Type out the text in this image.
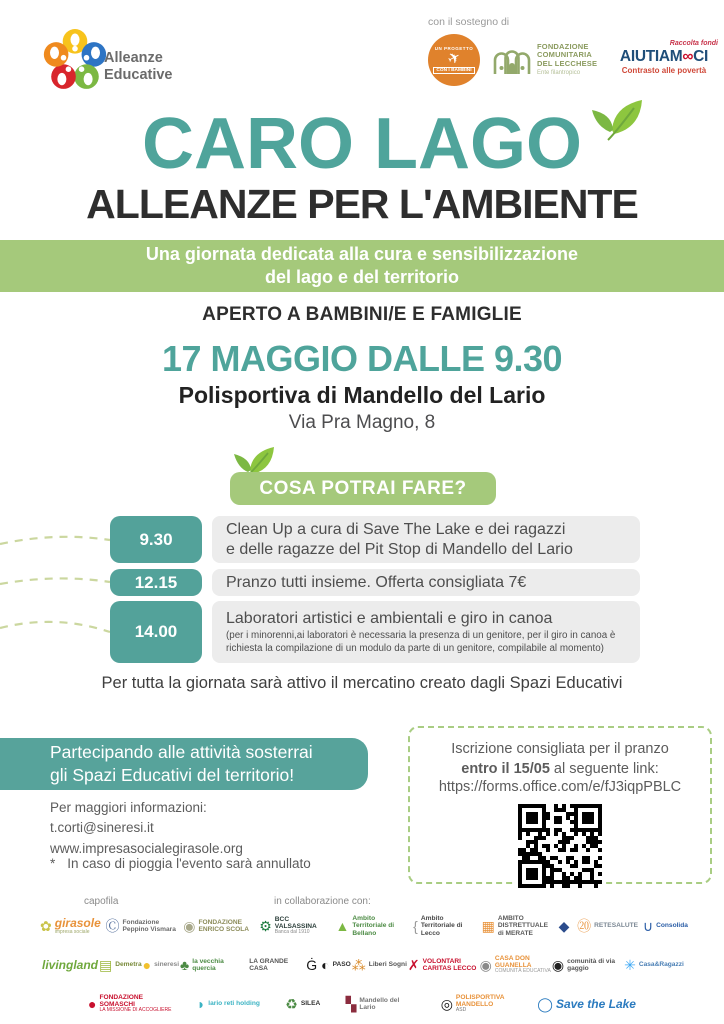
Alleanze
Educative
con il sostegno di
UN PROGETTO
✈
CON I BAMBINI
FONDAZIONE
COMUNITARIA
DEL LECCHESE
Ente filantropico
Raccolta fondi
AIUTIAM∞CI
Contrasto alle povertà
CARO LAGO
ALLEANZE PER L'AMBIENTE
Una giornata dedicata alla cura e sensibilizzazione
del lago e del territorio
APERTO A BAMBINI/E E FAMIGLIE
17 MAGGIO DALLE 9.30
Polisportiva di Mandello del Lario
Via Pra Magno, 8
COSA POTRAI FARE?
9.30
Clean Up a cura di Save The Lake e dei ragazzi
e delle ragazze del Pit Stop di Mandello del Lario
12.15	Pranzo tutti insieme. Offerta consigliata 7€
14.00
Laboratori artistici e ambientali e giro in canoa
(per i minorenni,ai laboratori è necessaria la presenza di un genitore, per il giro in canoa è richiesta la compilazione di un modulo da parte di un genitore, compilabile al momento)
Per tutta la giornata sarà attivo il mercatino creato dagli Spazi Educativi
Partecipando alle attività sosterrai
gli Spazi Educativi del territorio!
Per maggiori informazioni:
t.corti@sineresi.it
www.impresasocialegirasole.org
* In caso di pioggia l'evento sarà annullato
Iscrizione consigliata per il pranzo
entro il 15/05 al seguente link:
https://forms.office.com/e/fJ3iqpPBLC
capofila	in collaborazione con:
✿ girasole
impresa sociale	Ⓒ Fondazione Peppino Vismara ◉ FONDAZIONE ENRICO SCOLA ⚙ BCC VALSASSINA
Banca dal 1910	▲ Ambito Territoriale di Bellano	{ Ambito Territoriale di Lecco	▦ AMBITO DISTRETTUALE di MERATE	◆ ⑳ RETESALUTE ∪ Consolida
livingland ▤ Demetra ● sineresi ♣ la vecchia quercia
LA GRANDE CASA	Ġ ◐ PASO ⁂ Liberi Sogni ✗ VOLONTARI CARITAS LECCO ◉ CASA DON GUANELLA
COMUNITÀ EDUCATIVA ◉ comunità di via gaggio	✳ Casa&Ragazzi
● FONDAZIONE SOMASCHI
LA MISSIONE DI ACCOGLIERE ◗ lario reti holding ♻ SILEA ▚ Mandello del Lario	◎ POLISPORTIVA MANDELLO
ASD	◯ Save the Lake
